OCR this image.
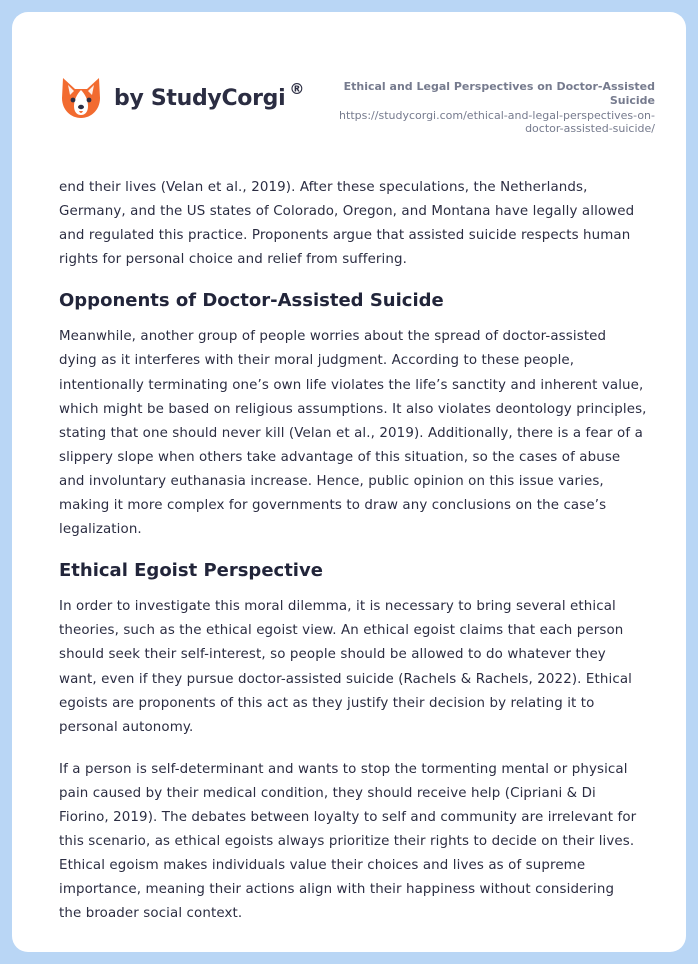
by StudyCorgi ®	Ethical and Legal Perspectives on Doctor-Assisted Suicide
https://studycorgi.com/ethical-and-legal-perspectives-on-
doctor-assisted-suicide/

end their lives (Velan et al., 2019). After these speculations, the Netherlands,
Germany, and the US states of Colorado, Oregon, and Montana have legally allowed
and regulated this practice. Proponents argue that assisted suicide respects human
rights for personal choice and relief from suffering.

Opponents of Doctor-Assisted Suicide

Meanwhile, another group of people worries about the spread of doctor-assisted
dying as it interferes with their moral judgment. According to these people,
intentionally terminating one’s own life violates the life’s sanctity and inherent value,
which might be based on religious assumptions. It also violates deontology principles,
stating that one should never kill (Velan et al., 2019). Additionally, there is a fear of a
slippery slope when others take advantage of this situation, so the cases of abuse
and involuntary euthanasia increase. Hence, public opinion on this issue varies,
making it more complex for governments to draw any conclusions on the case’s
legalization.

Ethical Egoist Perspective

In order to investigate this moral dilemma, it is necessary to bring several ethical
theories, such as the ethical egoist view. An ethical egoist claims that each person
should seek their self-interest, so people should be allowed to do whatever they
want, even if they pursue doctor-assisted suicide (Rachels & Rachels, 2022). Ethical
egoists are proponents of this act as they justify their decision by relating it to
personal autonomy.

If a person is self-determinant and wants to stop the tormenting mental or physical
pain caused by their medical condition, they should receive help (Cipriani & Di
Fiorino, 2019). The debates between loyalty to self and community are irrelevant for
this scenario, as ethical egoists always prioritize their rights to decide on their lives.
Ethical egoism makes individuals value their choices and lives as of supreme
importance, meaning their actions align with their happiness without considering
the broader social context.
